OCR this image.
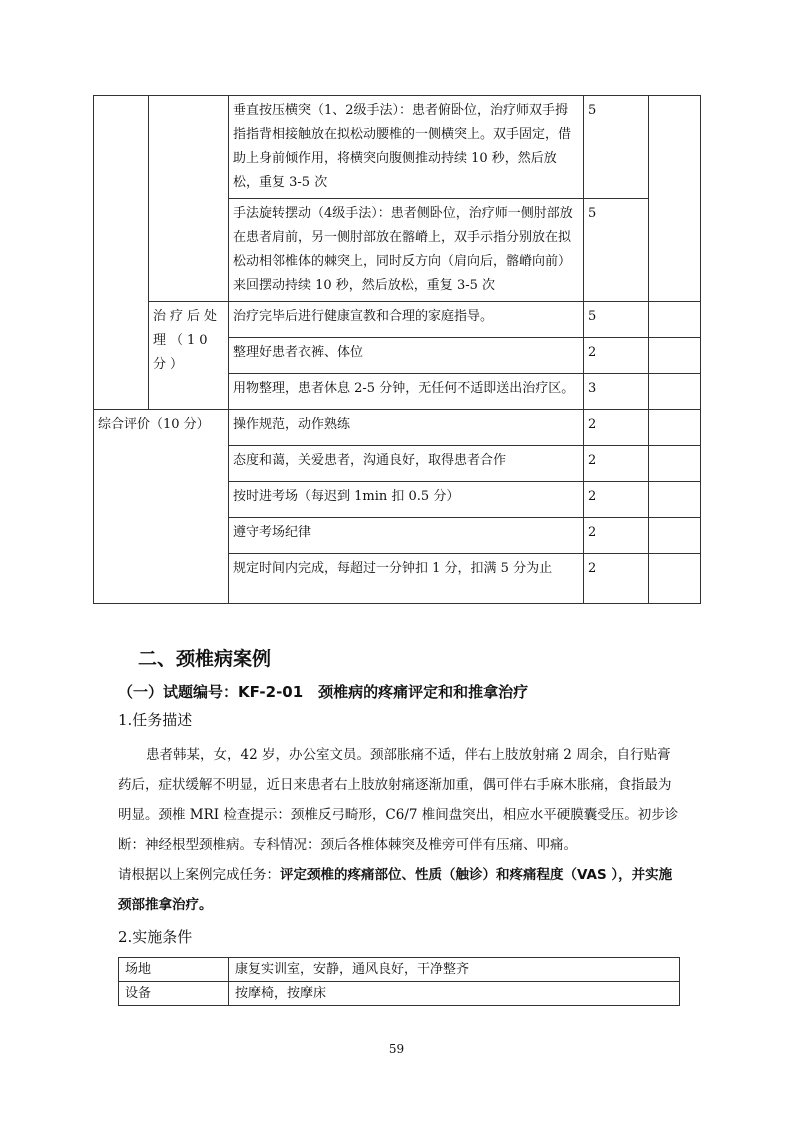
		垂直按压横突（1、2级手法）：患者俯卧位，治疗师双手拇指指背相接触放在拟松动腰椎的一侧横突上。双手固定，借助上身前倾作用，将横突向腹侧推动持续 10 秒，然后放松，重复 3-5 次	5	
		手法旋转摆动（4级手法）：患者侧卧位，治疗师一侧肘部放在患者肩前，另一侧肘部放在髂嵴上，双手示指分别放在拟松动相邻椎体的棘突上，同时反方向（肩向后，髂嵴向前）来回摆动持续 10 秒，然后放松，重复 3-5 次	5	
	治疗后处理（10分）	治疗完毕后进行健康宣教和合理的家庭指导。	5	
		整理好患者衣裤、体位	2	
		用物整理，患者休息 2-5 分钟，无任何不适即送出治疗区。	3	
综合评价（10 分）		操作规范，动作熟练	2	
		态度和蔼，关爱患者，沟通良好，取得患者合作	2	
		按时进考场（每迟到 1min 扣 0.5 分）	2	
		遵守考场纪律	2	
		规定时间内完成，每超过一分钟扣 1 分，扣满 5 分为止	2	
二、颈椎病案例
（一）试题编号：KF-2-01　颈椎病的疼痛评定和和推拿治疗
1.任务描述

患者韩某，女，42 岁，办公室文员。颈部胀痛不适，伴右上肢放射痛 2 周余，自行贴膏药后，症状缓解不明显，近日来患者右上肢放射痛逐渐加重，偶可伴右手麻木胀痛，食指最为明显。颈椎 MRI 检查提示：颈椎反弓畸形，C6/7 椎间盘突出，相应水平硬膜囊受压。初步诊断：神经根型颈椎病。专科情况：颈后各椎体棘突及椎旁可伴有压痛、叩痛。

请根据以上案例完成任务：评定颈椎的疼痛部位、性质（触诊）和疼痛程度（VAS ），并实施颈部推拿治疗。

2.实施条件

场地	康复实训室，安静，通风良好，干净整齐
设备	按摩椅，按摩床
59
